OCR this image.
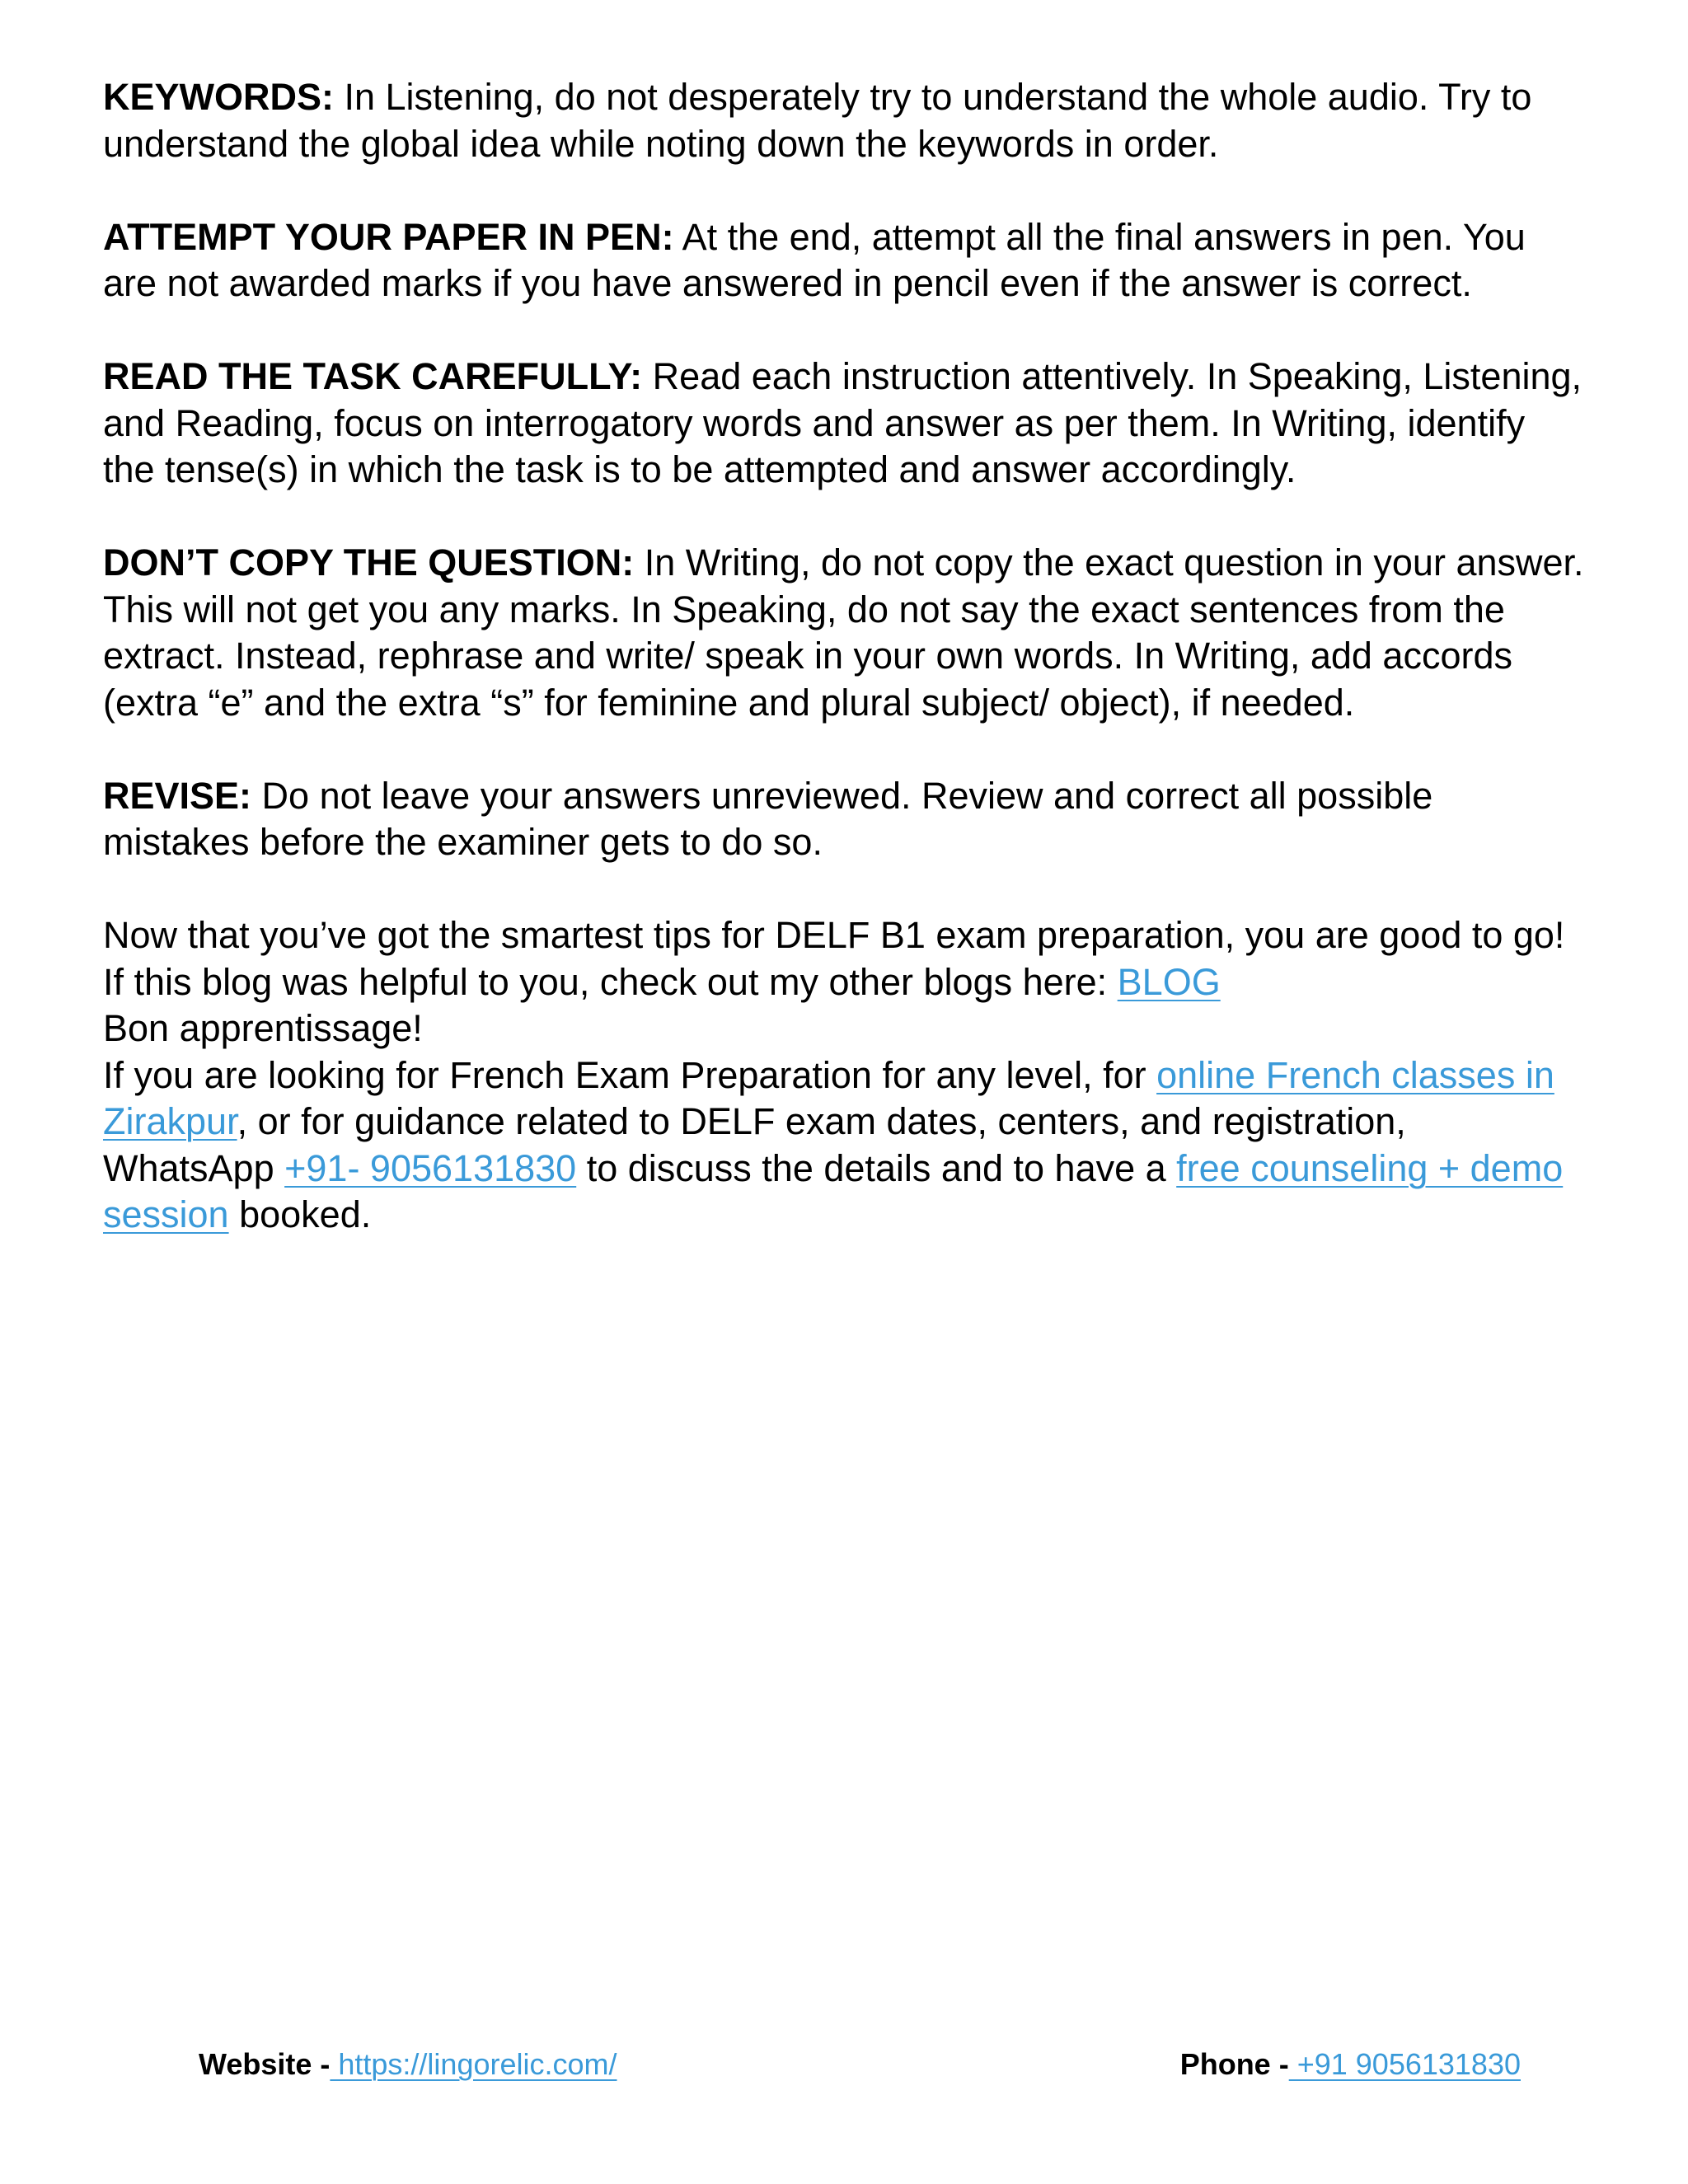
KEYWORDS: In Listening, do not desperately try to understand the whole audio. Try to understand the global idea while noting down the keywords in order.

ATTEMPT YOUR PAPER IN PEN: At the end, attempt all the final answers in pen. You are not awarded marks if you have answered in pencil even if the answer is correct.

READ THE TASK CAREFULLY: Read each instruction attentively. In Speaking, Listening, and Reading, focus on interrogatory words and answer as per them. In Writing, identify the tense(s) in which the task is to be attempted and answer accordingly.

DON’T COPY THE QUESTION: In Writing, do not copy the exact question in your answer. This will not get you any marks. In Speaking, do not say the exact sentences from the extract. Instead, rephrase and write/ speak in your own words. In Writing, add accords (extra “e” and the extra “s” for feminine and plural subject/ object), if needed.

REVISE: Do not leave your answers unreviewed. Review and correct all possible mistakes before the examiner gets to do so.

Now that you’ve got the smartest tips for DELF B1 exam preparation, you are good to go!

If this blog was helpful to you, check out my other blogs here: BLOG

Bon apprentissage!

If you are looking for French Exam Preparation for any level, for online French classes in Zirakpur, or for guidance related to DELF exam dates, centers, and registration, WhatsApp +91- 9056131830 to discuss the details and to have a free counseling + demo session booked.

Website - https://lingorelic.com/	Phone - +91 9056131830
